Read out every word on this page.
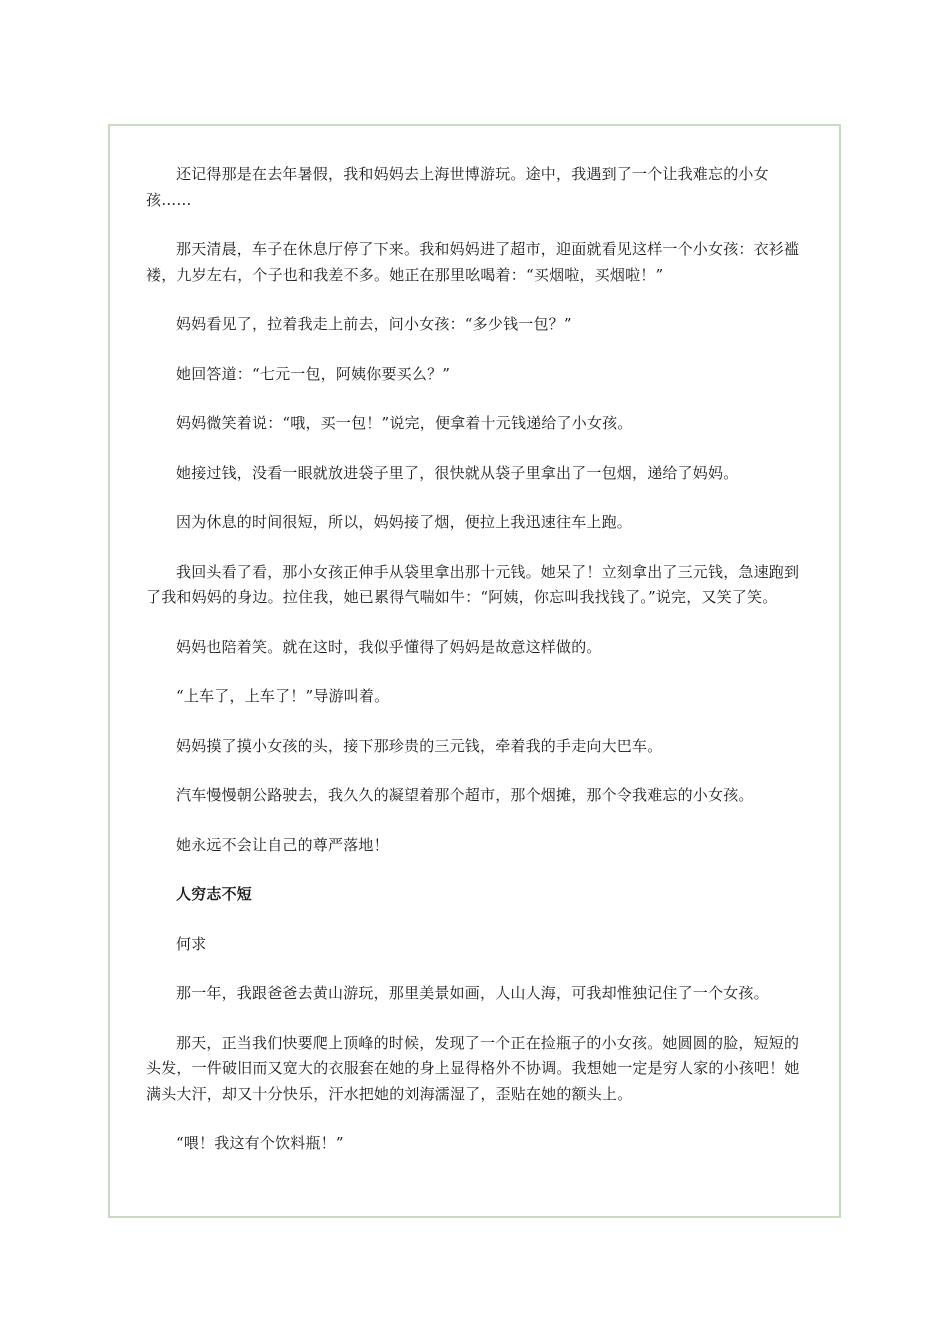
还记得那是在去年暑假，我和妈妈去上海世博游玩。途中，我遇到了一个让我难忘的小女孩……

那天清晨，车子在休息厅停了下来。我和妈妈进了超市，迎面就看见这样一个小女孩：衣衫褴褛，九岁左右，个子也和我差不多。她正在那里吆喝着：“买烟啦，买烟啦！”

妈妈看见了，拉着我走上前去，问小女孩：“多少钱一包？”

她回答道：“七元一包，阿姨你要买么？”

妈妈微笑着说：“哦，买一包！”说完，便拿着十元钱递给了小女孩。

她接过钱，没看一眼就放进袋子里了，很快就从袋子里拿出了一包烟，递给了妈妈。

因为休息的时间很短，所以，妈妈接了烟，便拉上我迅速往车上跑。

我回头看了看，那小女孩正伸手从袋里拿出那十元钱。她呆了！立刻拿出了三元钱，急速跑到了我和妈妈的身边。拉住我，她已累得气喘如牛：“阿姨，你忘叫我找钱了。”说完，又笑了笑。

妈妈也陪着笑。就在这时，我似乎懂得了妈妈是故意这样做的。

“上车了，上车了！”导游叫着。

妈妈摸了摸小女孩的头，接下那珍贵的三元钱，牵着我的手走向大巴车。

汽车慢慢朝公路驶去，我久久的凝望着那个超市，那个烟摊，那个令我难忘的小女孩。

她永远不会让自己的尊严落地！

人穷志不短

何求

那一年，我跟爸爸去黄山游玩，那里美景如画，人山人海，可我却惟独记住了一个女孩。

那天，正当我们快要爬上顶峰的时候，发现了一个正在捡瓶子的小女孩。她圆圆的脸，短短的头发，一件破旧而又宽大的衣服套在她的身上显得格外不协调。我想她一定是穷人家的小孩吧！她满头大汗，却又十分快乐，汗水把她的刘海濡湿了，歪贴在她的额头上。

“喂！我这有个饮料瓶！”
